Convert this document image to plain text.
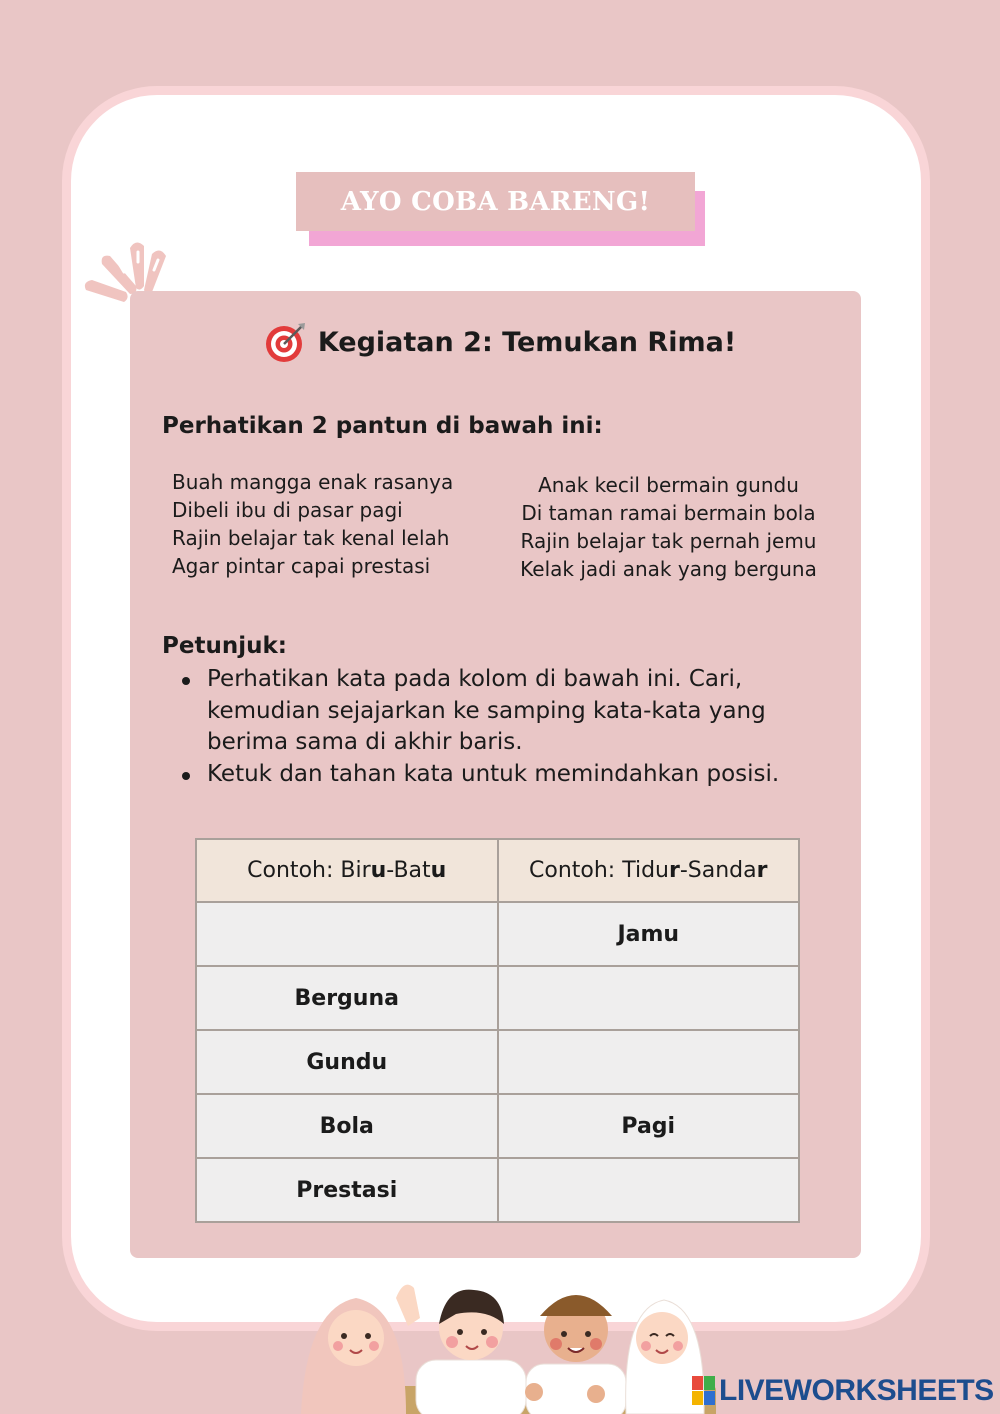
AYO COBA BARENG!
Kegiatan 2: Temukan Rima!
Perhatikan 2 pantun di bawah ini:
Buah mangga enak rasanya
Dibeli ibu di pasar pagi
Rajin belajar tak kenal lelah
Agar pintar capai prestasi
Anak kecil bermain gundu
Di taman ramai bermain bola
Rajin belajar tak pernah jemu
Kelak jadi anak yang berguna
Petunjuk:
Perhatikan kata pada kolom di bawah ini. Cari, kemudian sejajarkan ke samping kata-kata yang berima sama di akhir baris.
Ketuk dan tahan kata untuk memindahkan posisi.
Contoh: Biru-Batu	Contoh: Tidur-Sandar
	Jamu
Berguna	
Gundu	
Bola	Pagi
Prestasi	
LIVEWORKSHEETS
